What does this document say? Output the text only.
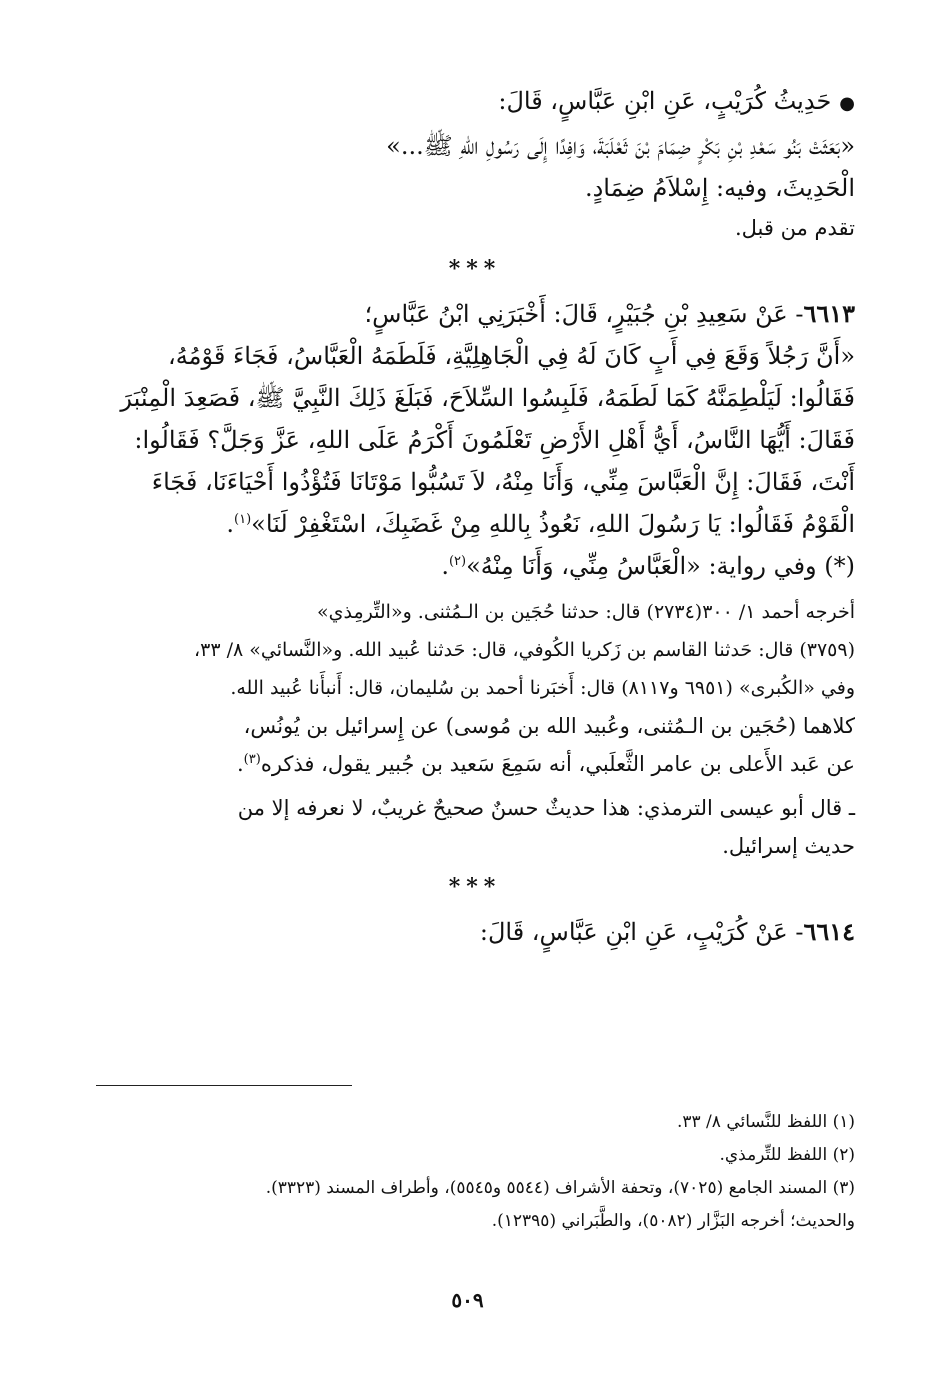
●حَدِيثُ كُرَيْبٍ، عَنِ ابْنِ عَبَّاسٍ، قَالَ:

«بَعَثَتْ بَنُو سَعْدِ بْنِ بَكْرٍ ضِمَامَ بْنَ ثَعْلَبَةَ، وَافِدًا إِلَى رَسُولِ اللهِ ﷺ...»

الْحَدِيثَ، وفيه: إِسْلاَمُ ضِمَادٍ.

تقدم من قبل.

***

٦٦١٣- عَنْ سَعِيدِ بْنِ جُبَيْرٍ، قَالَ: أَخْبَرَنِي ابْنُ عَبَّاسٍ؛

«أَنَّ رَجُلاً وَقَعَ فِي أَبٍ كَانَ لَهُ فِي الْجَاهِلِيَّةِ، فَلَطَمَهُ الْعَبَّاسُ، فَجَاءَ قَوْمُهُ،

فَقَالُوا: لَيَلْطِمَنَّهُ كَمَا لَطَمَهُ، فَلَبِسُوا السِّلاَحَ، فَبَلَغَ ذَلِكَ النَّبِيَّ ﷺ، فَصَعِدَ الْمِنْبَرَ

فَقَالَ: أَيُّهَا النَّاسُ، أَيُّ أَهْلِ الأَرْضِ تَعْلَمُونَ أَكْرَمُ عَلَى اللهِ، عَزَّ وَجَلَّ؟ فَقَالُوا:

أَنْتَ، فَقَالَ: إِنَّ الْعَبَّاسَ مِنِّي، وَأَنَا مِنْهُ، لاَ تَسُبُّوا مَوْتَانَا فَتُؤْذُوا أَحْيَاءَنَا، فَجَاءَ

الْقَوْمُ فَقَالُوا: يَا رَسُولَ اللهِ، نَعُوذُ بِاللهِ مِنْ غَضَبِكَ، اسْتَغْفِرْ لَنَا»$^{(١)}$.

(*) وفي رواية: «الْعَبَّاسُ مِنِّي، وَأَنَا مِنْهُ»$^{(٢)}$.

أخرجه أحمد ١/ ٣٠٠(٢٧٣٤) قال: حدثنا حُجَين بن الـمُثنى. و«التِّرمِذي»

(٣٧٥٩) قال: حَدثنا القاسم بن زَكريا الكُوفي، قال: حَدثنا عُبيد الله. و«النَّسائي» ٨/ ٣٣،

وفي «الكُبرى» (٦٩٥١ و٨١١٧) قال: أَخبَرنا أحمد بن سُليمان، قال: أَنبأَنا عُبيد الله.

كلاهما (حُجَين بن الـمُثنى، وعُبيد الله بن مُوسى) عن إِسرائيل بن يُونُس،

عن عَبد الأَعلى بن عامر الثَّعلَبي، أنه سَمِعَ سَعيد بن جُبير يقول، فذكره$^{(٣)}$.

ـ قال أبو عيسى الترمذي: هذا حديثٌ حسنٌ صحيحٌ غريبٌ، لا نعرفه إلا من

حديث إسرائيل.

***

٦٦١٤- عَنْ كُرَيْبٍ، عَنِ ابْنِ عَبَّاسٍ، قَالَ:

(١) اللفظ للنَّسائي ٨/ ٣٣.

(٢) اللفظ للتِّرمذي.

(٣) المسند الجامع (٧٠٢٥)، وتحفة الأشراف (٥٥٤٤ و٥٥٤٥)، وأطراف المسند (٣٣٢٣).

والحديث؛ أخرجه البَزَّار (٥٠٨٢)، والطَّبَراني (١٢٣٩٥).

٥٠٩
